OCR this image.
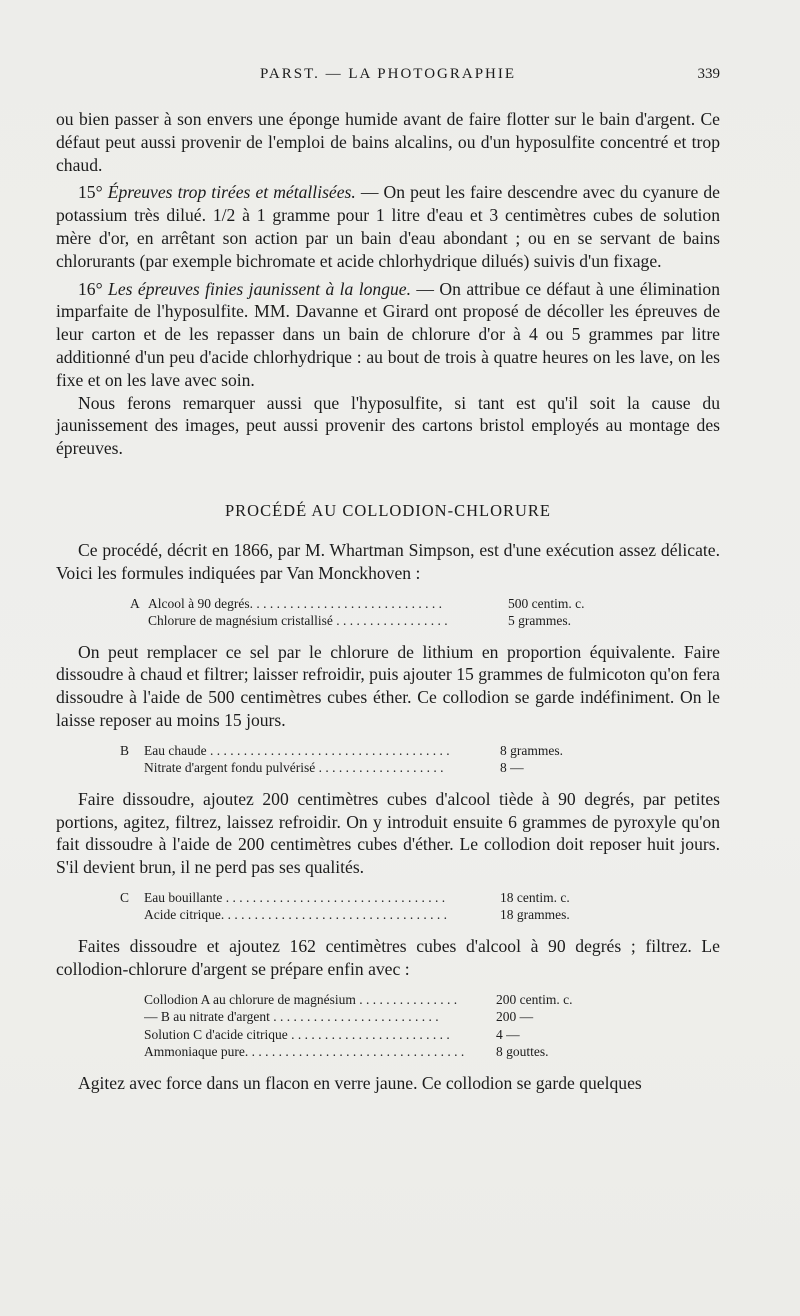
PARST. — LA PHOTOGRAPHIE	339

ou bien passer à son envers une éponge humide avant de faire flotter sur le bain d'argent. Ce défaut peut aussi provenir de l'emploi de bains alcalins, ou d'un hyposulfite concentré et trop chaud.

15° Épreuves trop tirées et métallisées. — On peut les faire descendre avec du cyanure de potassium très dilué. 1/2 à 1 gramme pour 1 litre d'eau et 3 centimètres cubes de solution mère d'or, en arrêtant son action par un bain d'eau abondant ; ou en se servant de bains chlorurants (par exemple bichromate et acide chlorhydrique dilués) suivis d'un fixage.

16° Les épreuves finies jaunissent à la longue. — On attribue ce défaut à une élimination imparfaite de l'hyposulfite. MM. Davanne et Girard ont proposé de décoller les épreuves de leur carton et de les repasser dans un bain de chlorure d'or à 4 ou 5 grammes par litre additionné d'un peu d'acide chlorhydrique : au bout de trois à quatre heures on les lave, on les fixe et on les lave avec soin.

Nous ferons remarquer aussi que l'hyposulfite, si tant est qu'il soit la cause du jaunissement des images, peut aussi provenir des cartons bristol employés au montage des épreuves.

PROCÉDÉ AU COLLODION-CHLORURE

Ce procédé, décrit en 1866, par M. Whartman Simpson, est d'une exécution assez délicate. Voici les formules indiquées par Van Monckhoven :

A Alcool à 90 degrés. . . . . . . . . . . . . . . . . . . . . . . . . . . . .	500 centim. c.
Chlorure de magnésium cristallisé . . . . . . . . . . . . . . . . .	5 grammes.

On peut remplacer ce sel par le chlorure de lithium en proportion équivalente. Faire dissoudre à chaud et filtrer; laisser refroidir, puis ajouter 15 grammes de fulmicoton qu'on fera dissoudre à l'aide de 500 centimètres cubes éther. Ce collodion se garde indéfiniment. On le laisse reposer au moins 15 jours.

B Eau chaude . . . . . . . . . . . . . . . . . . . . . . . . . . . . . . . . . . . .	8 grammes.
Nitrate d'argent fondu pulvérisé . . . . . . . . . . . . . . . . . . .	8 —

Faire dissoudre, ajoutez 200 centimètres cubes d'alcool tiède à 90 degrés, par petites portions, agitez, filtrez, laissez refroidir. On y introduit ensuite 6 grammes de pyroxyle qu'on fait dissoudre à l'aide de 200 centimètres cubes d'éther. Le collodion doit reposer huit jours. S'il devient brun, il ne perd pas ses qualités.

C Eau bouillante . . . . . . . . . . . . . . . . . . . . . . . . . . . . . . . . .	18 centim. c.
Acide citrique. . . . . . . . . . . . . . . . . . . . . . . . . . . . . . . . . .	18 grammes.

Faites dissoudre et ajoutez 162 centimètres cubes d'alcool à 90 degrés ; filtrez. Le collodion-chlorure d'argent se prépare enfin avec :

Collodion A au chlorure de magnésium . . . . . . . . . . . . . . .	200 centim. c.
— B au nitrate d'argent . . . . . . . . . . . . . . . . . . . . . . . . .	200 —
Solution C d'acide citrique . . . . . . . . . . . . . . . . . . . . . . . .	4 —
Ammoniaque pure. . . . . . . . . . . . . . . . . . . . . . . . . . . . . . . . .	8 gouttes.

Agitez avec force dans un flacon en verre jaune. Ce collodion se garde quelques
